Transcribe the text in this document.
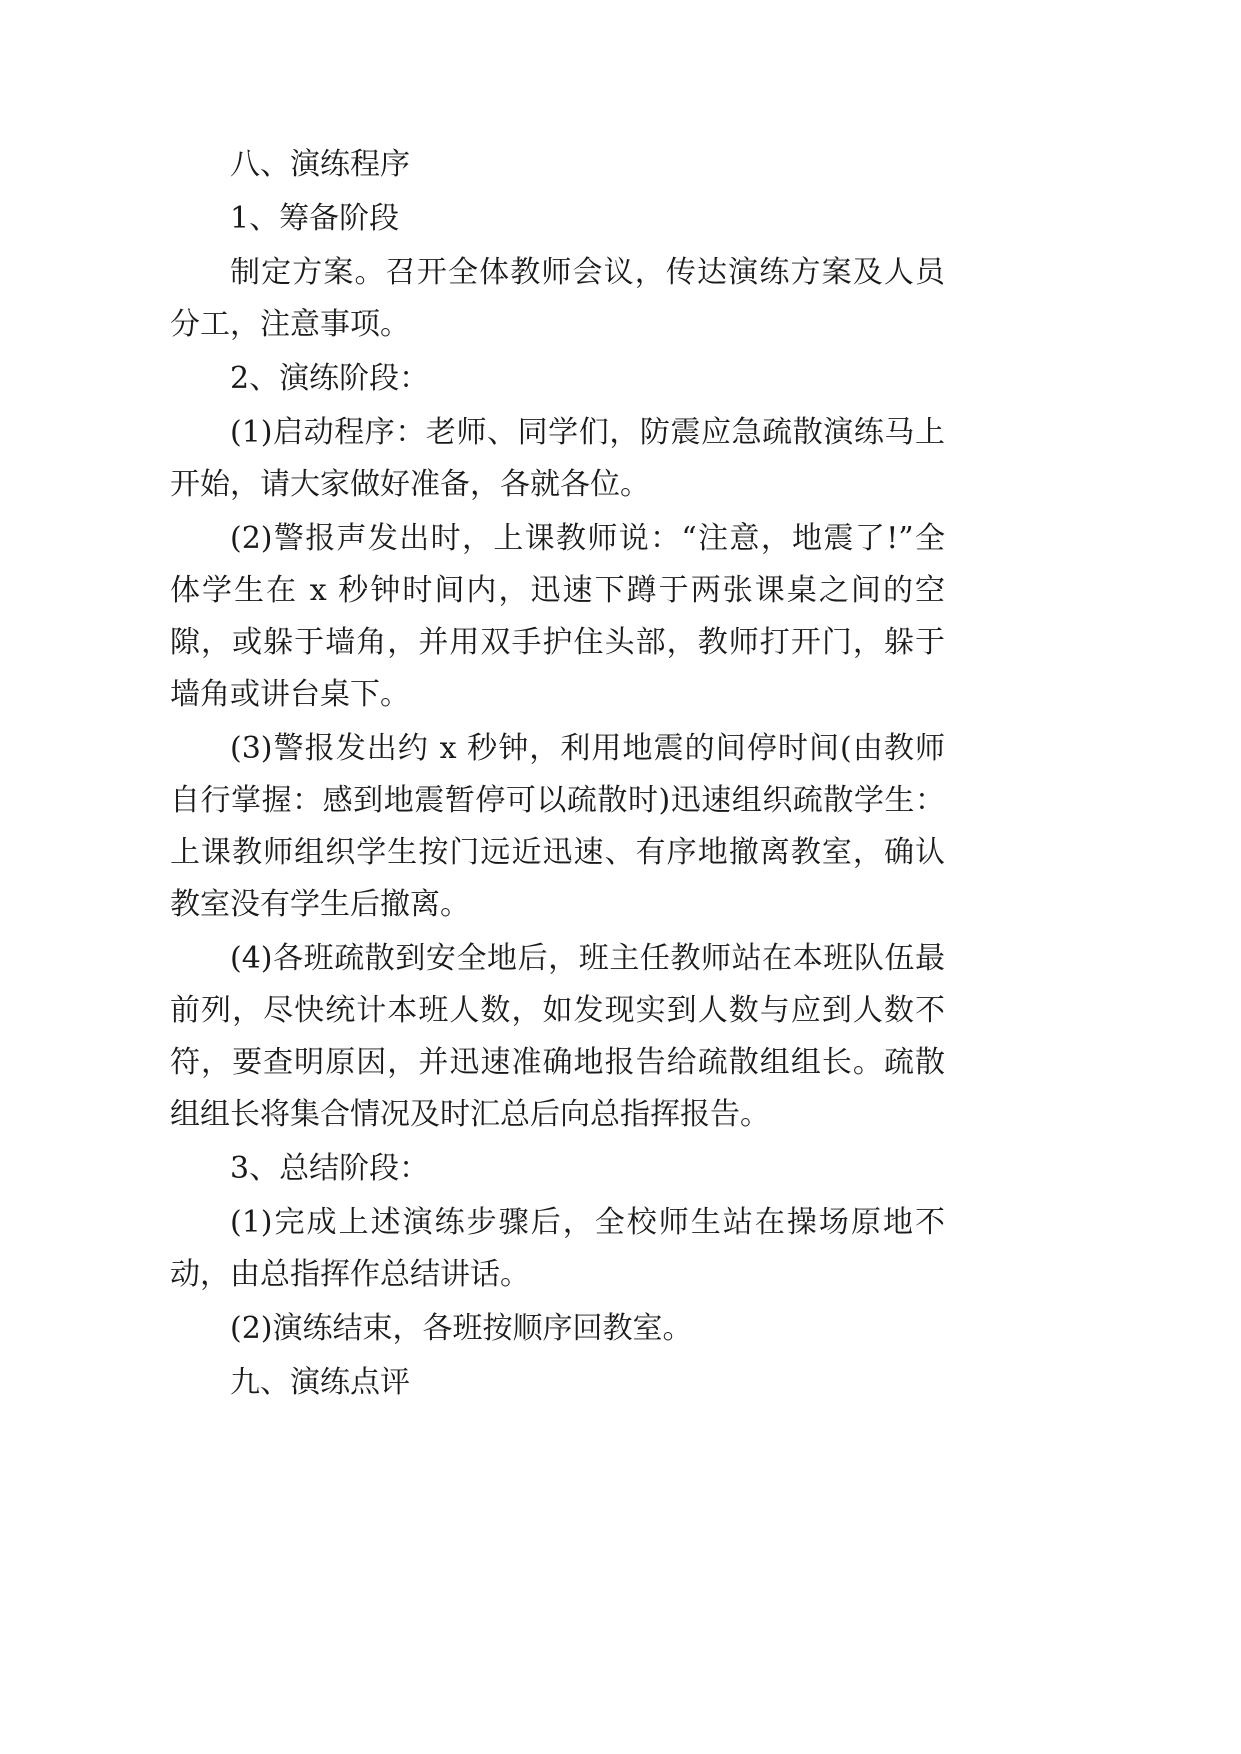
八、演练程序

1、筹备阶段

制定方案。召开全体教师会议，传达演练方案及人员分工，注意事项。

2、演练阶段：

(1)启动程序：老师、同学们，防震应急疏散演练马上开始，请大家做好准备，各就各位。

(2)警报声发出时，上课教师说：“注意，地震了!”全体学生在 x 秒钟时间内，迅速下蹲于两张课桌之间的空隙，或躲于墙角，并用双手护住头部，教师打开门，躲于墙角或讲台桌下。

(3)警报发出约 x 秒钟，利用地震的间停时间(由教师自行掌握：感到地震暂停可以疏散时)迅速组织疏散学生：上课教师组织学生按门远近迅速、有序地撤离教室，确认教室没有学生后撤离。

(4)各班疏散到安全地后，班主任教师站在本班队伍最前列，尽快统计本班人数，如发现实到人数与应到人数不符，要查明原因，并迅速准确地报告给疏散组组长。疏散组组长将集合情况及时汇总后向总指挥报告。

3、总结阶段：

(1)完成上述演练步骤后，全校师生站在操场原地不动，由总指挥作总结讲话。

(2)演练结束，各班按顺序回教室。

九、演练点评
